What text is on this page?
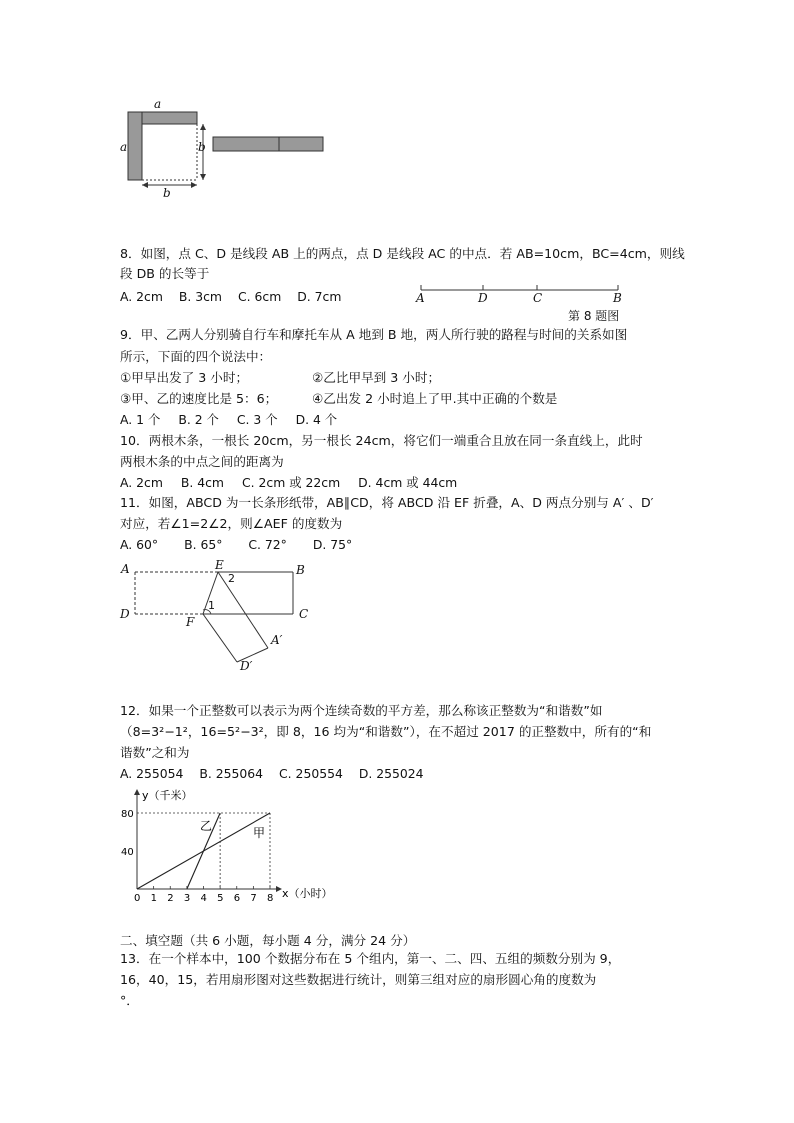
a
a	b
b
8．如图，点 C、D 是线段 AB 上的两点，点 D 是线段 AC 的中点．若 AB=10cm，BC=4cm，则线
段 DB 的长等于
A. 2cm B. 3cm C. 6cm D. 7cm	A	D	C	B
第 8 题图
9．甲、乙两人分别骑自行车和摩托车从 A 地到 B 地，两人所行驶的路程与时间的关系如图
所示，下面的四个说法中：
①甲早出发了 3 小时；	②乙比甲早到 3 小时；
③甲、乙的速度比是 5：6；	④乙出发 2 小时追上了甲.其中正确的个数是
A. 1 个 B. 2 个 C. 3 个 D. 4 个
10．两根木条，一根长 20cm，另一根长 24cm，将它们一端重合且放在同一条直线上，此时
两根木条的中点之间的距离为
A. 2cm B. 4cm C. 2cm 或 22cm D. 4cm 或 44cm
11．如图，ABCD 为一长条形纸带，AB∥CD，将 ABCD 沿 EF 折叠，A、D 两点分别与 A′ 、D′
对应，若∠1=2∠2，则∠AEF 的度数为
A. 60° B. 65° C. 72° D. 75°
A	E
2
B
D
1
C
F
A′
D′
12．如果一个正整数可以表示为两个连续奇数的平方差，那么称该正整数为“和谐数”如
（8=3²−1²，16=5²−3²，即 8，16 均为“和谐数”），在不超过 2017 的正整数中，所有的“和
谐数”之和为
A. 255054 B. 255064 C. 250554 D. 255024
0 1 2 3 4 5 6 7 8
40
80
y（千米）
x（小时）
甲
乙
二、填空题（共 6 小题，每小题 4 分，满分 24 分）
13．在一个样本中，100 个数据分布在 5 个组内，第一、二、四、五组的频数分别为 9，
16，40，15，若用扇形图对这些数据进行统计，则第三组对应的扇形圆心角的度数为
°．
